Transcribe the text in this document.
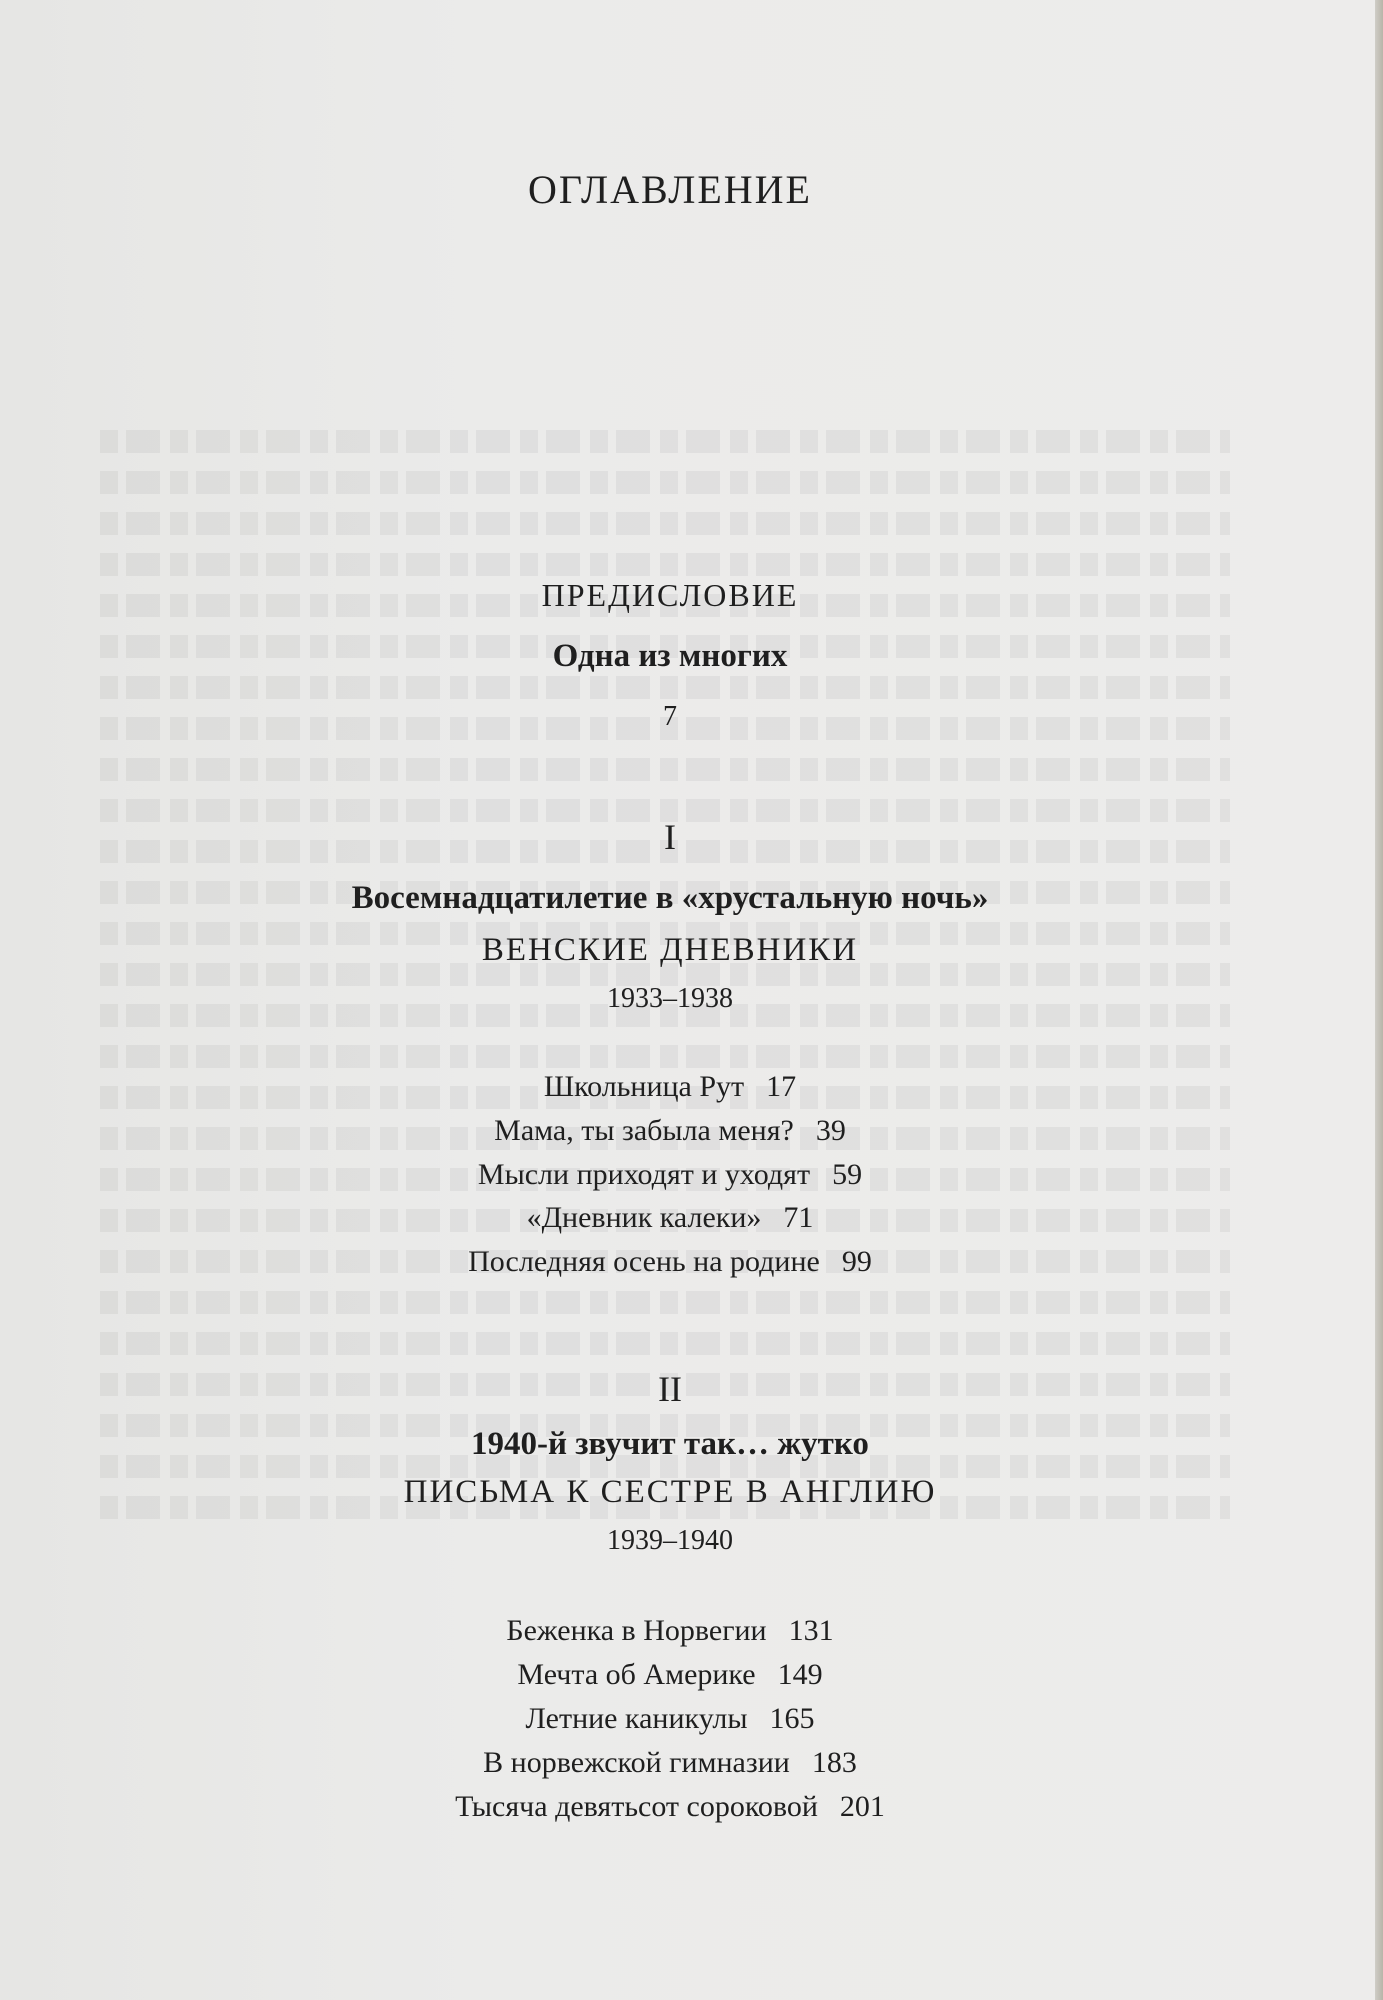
ОГЛАВЛЕНИЕ
ПРЕДИСЛОВИЕ
Одна из многих
7
I
Восемнадцатилетие в «хрустальную ночь»
ВЕНСКИЕ ДНЕВНИКИ
1933–1938
Школьница Рут 17
Мама, ты забыла меня? 39
Мысли приходят и уходят 59
«Дневник калеки» 71
Последняя осень на родине 99
II
1940-й звучит так… жутко
ПИСЬМА К СЕСТРЕ В АНГЛИЮ
1939–1940
Беженка в Норвегии 131
Мечта об Америке 149
Летние каникулы 165
В норвежской гимназии 183
Тысяча девятьсот сороковой 201
